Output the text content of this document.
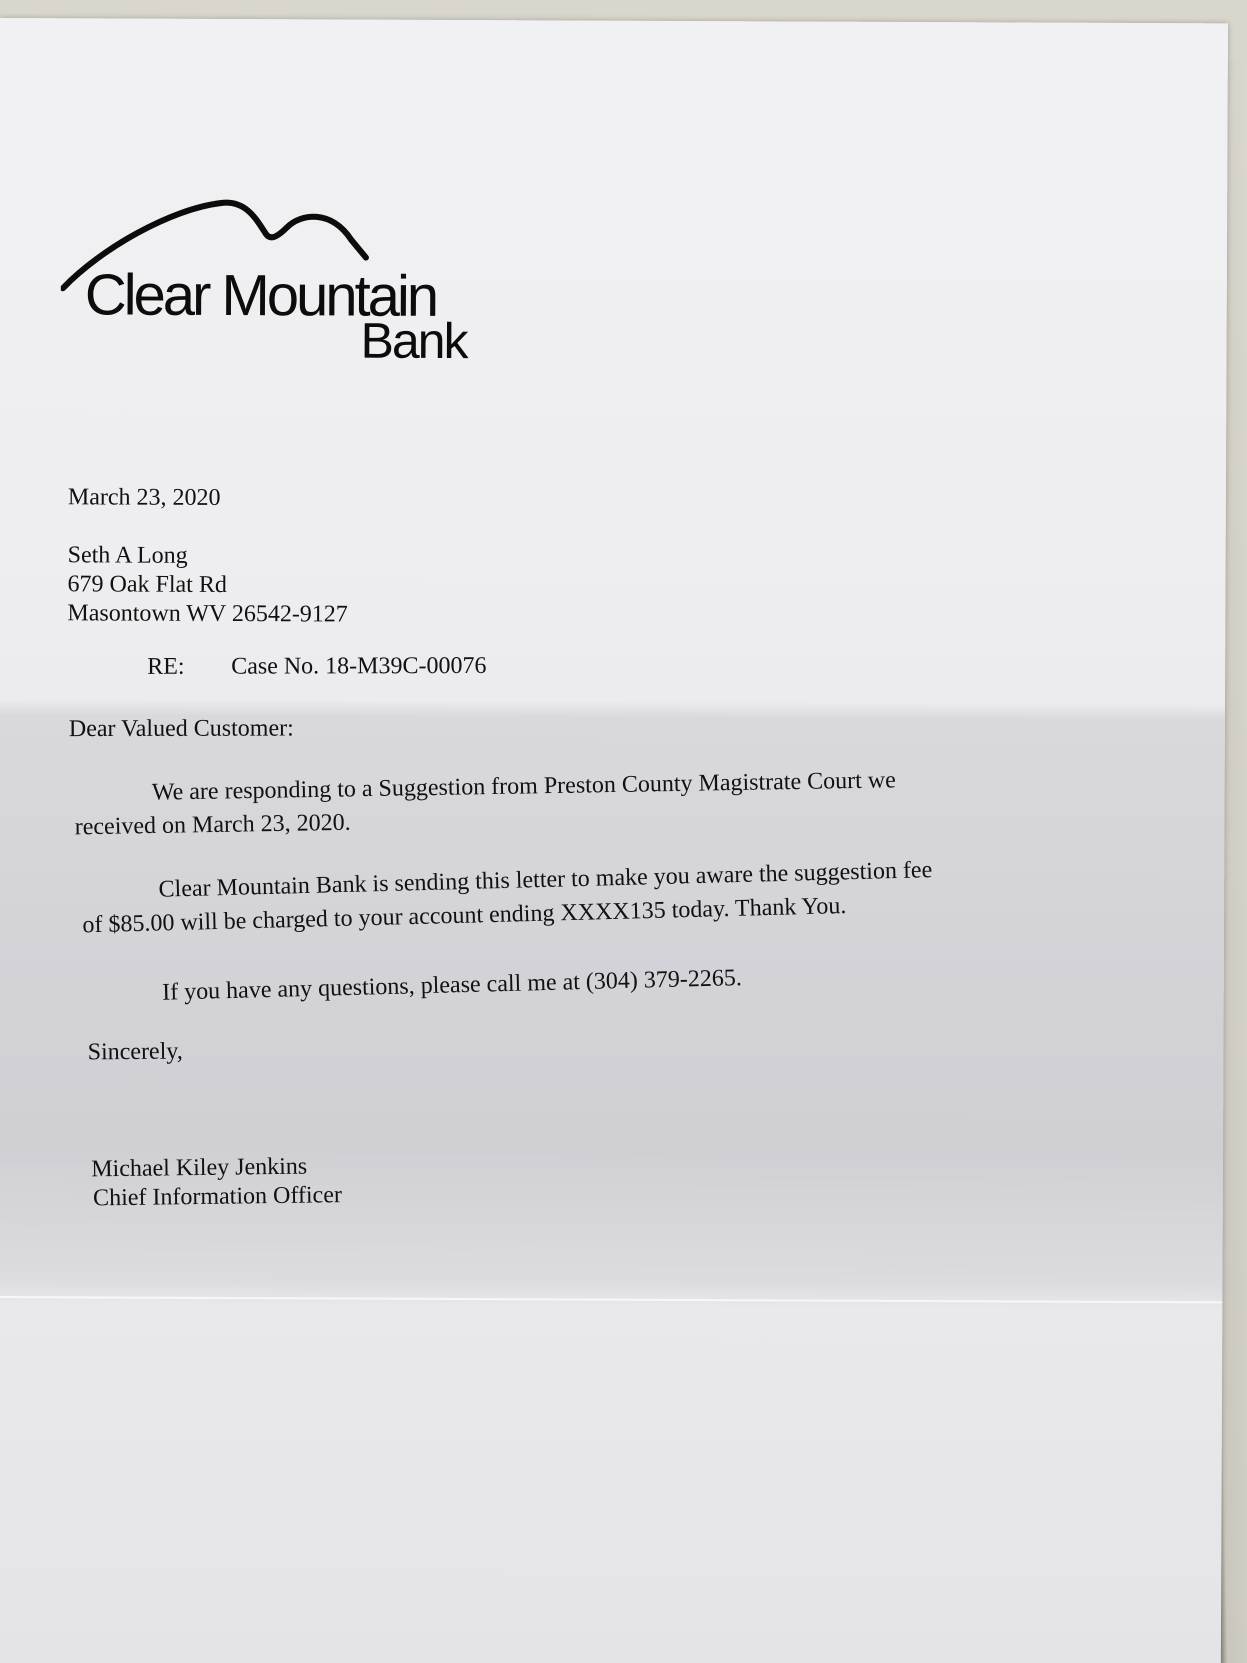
Clear Mountain
Bank
March 23, 2020
Seth A Long
679 Oak Flat Rd
Masontown WV 26542-9127
RE: Case No. 18-M39C-00076
Dear Valued Customer:
We are responding to a Suggestion from Preston County Magistrate Court we
received on March 23, 2020.
Clear Mountain Bank is sending this letter to make you aware the suggestion fee
of $85.00 will be charged to your account ending XXXX135 today. Thank You.
If you have any questions, please call me at (304) 379-2265.
Sincerely,
Michael Kiley Jenkins
Chief Information Officer
